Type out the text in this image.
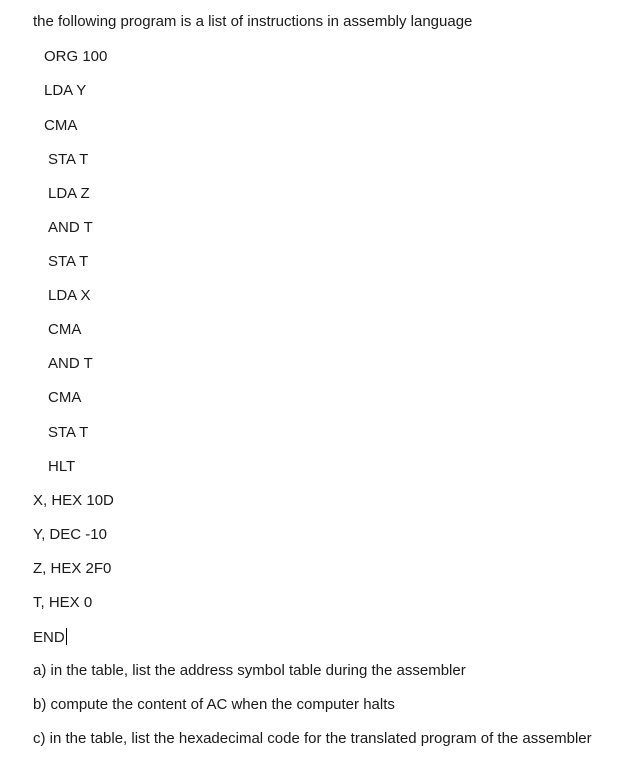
the following program is a list of instructions in assembly language
ORG 100
LDA Y
CMA
STA T
LDA Z
AND T
STA T
LDA X
CMA
AND T
CMA
STA T
HLT
X, HEX 10D
Y, DEC -10
Z, HEX 2F0
T, HEX 0
END
a) in the table, list the address symbol table during the assembler
b) compute the content of AC when the computer halts
c) in the table, list the hexadecimal code for the translated program of the assembler
